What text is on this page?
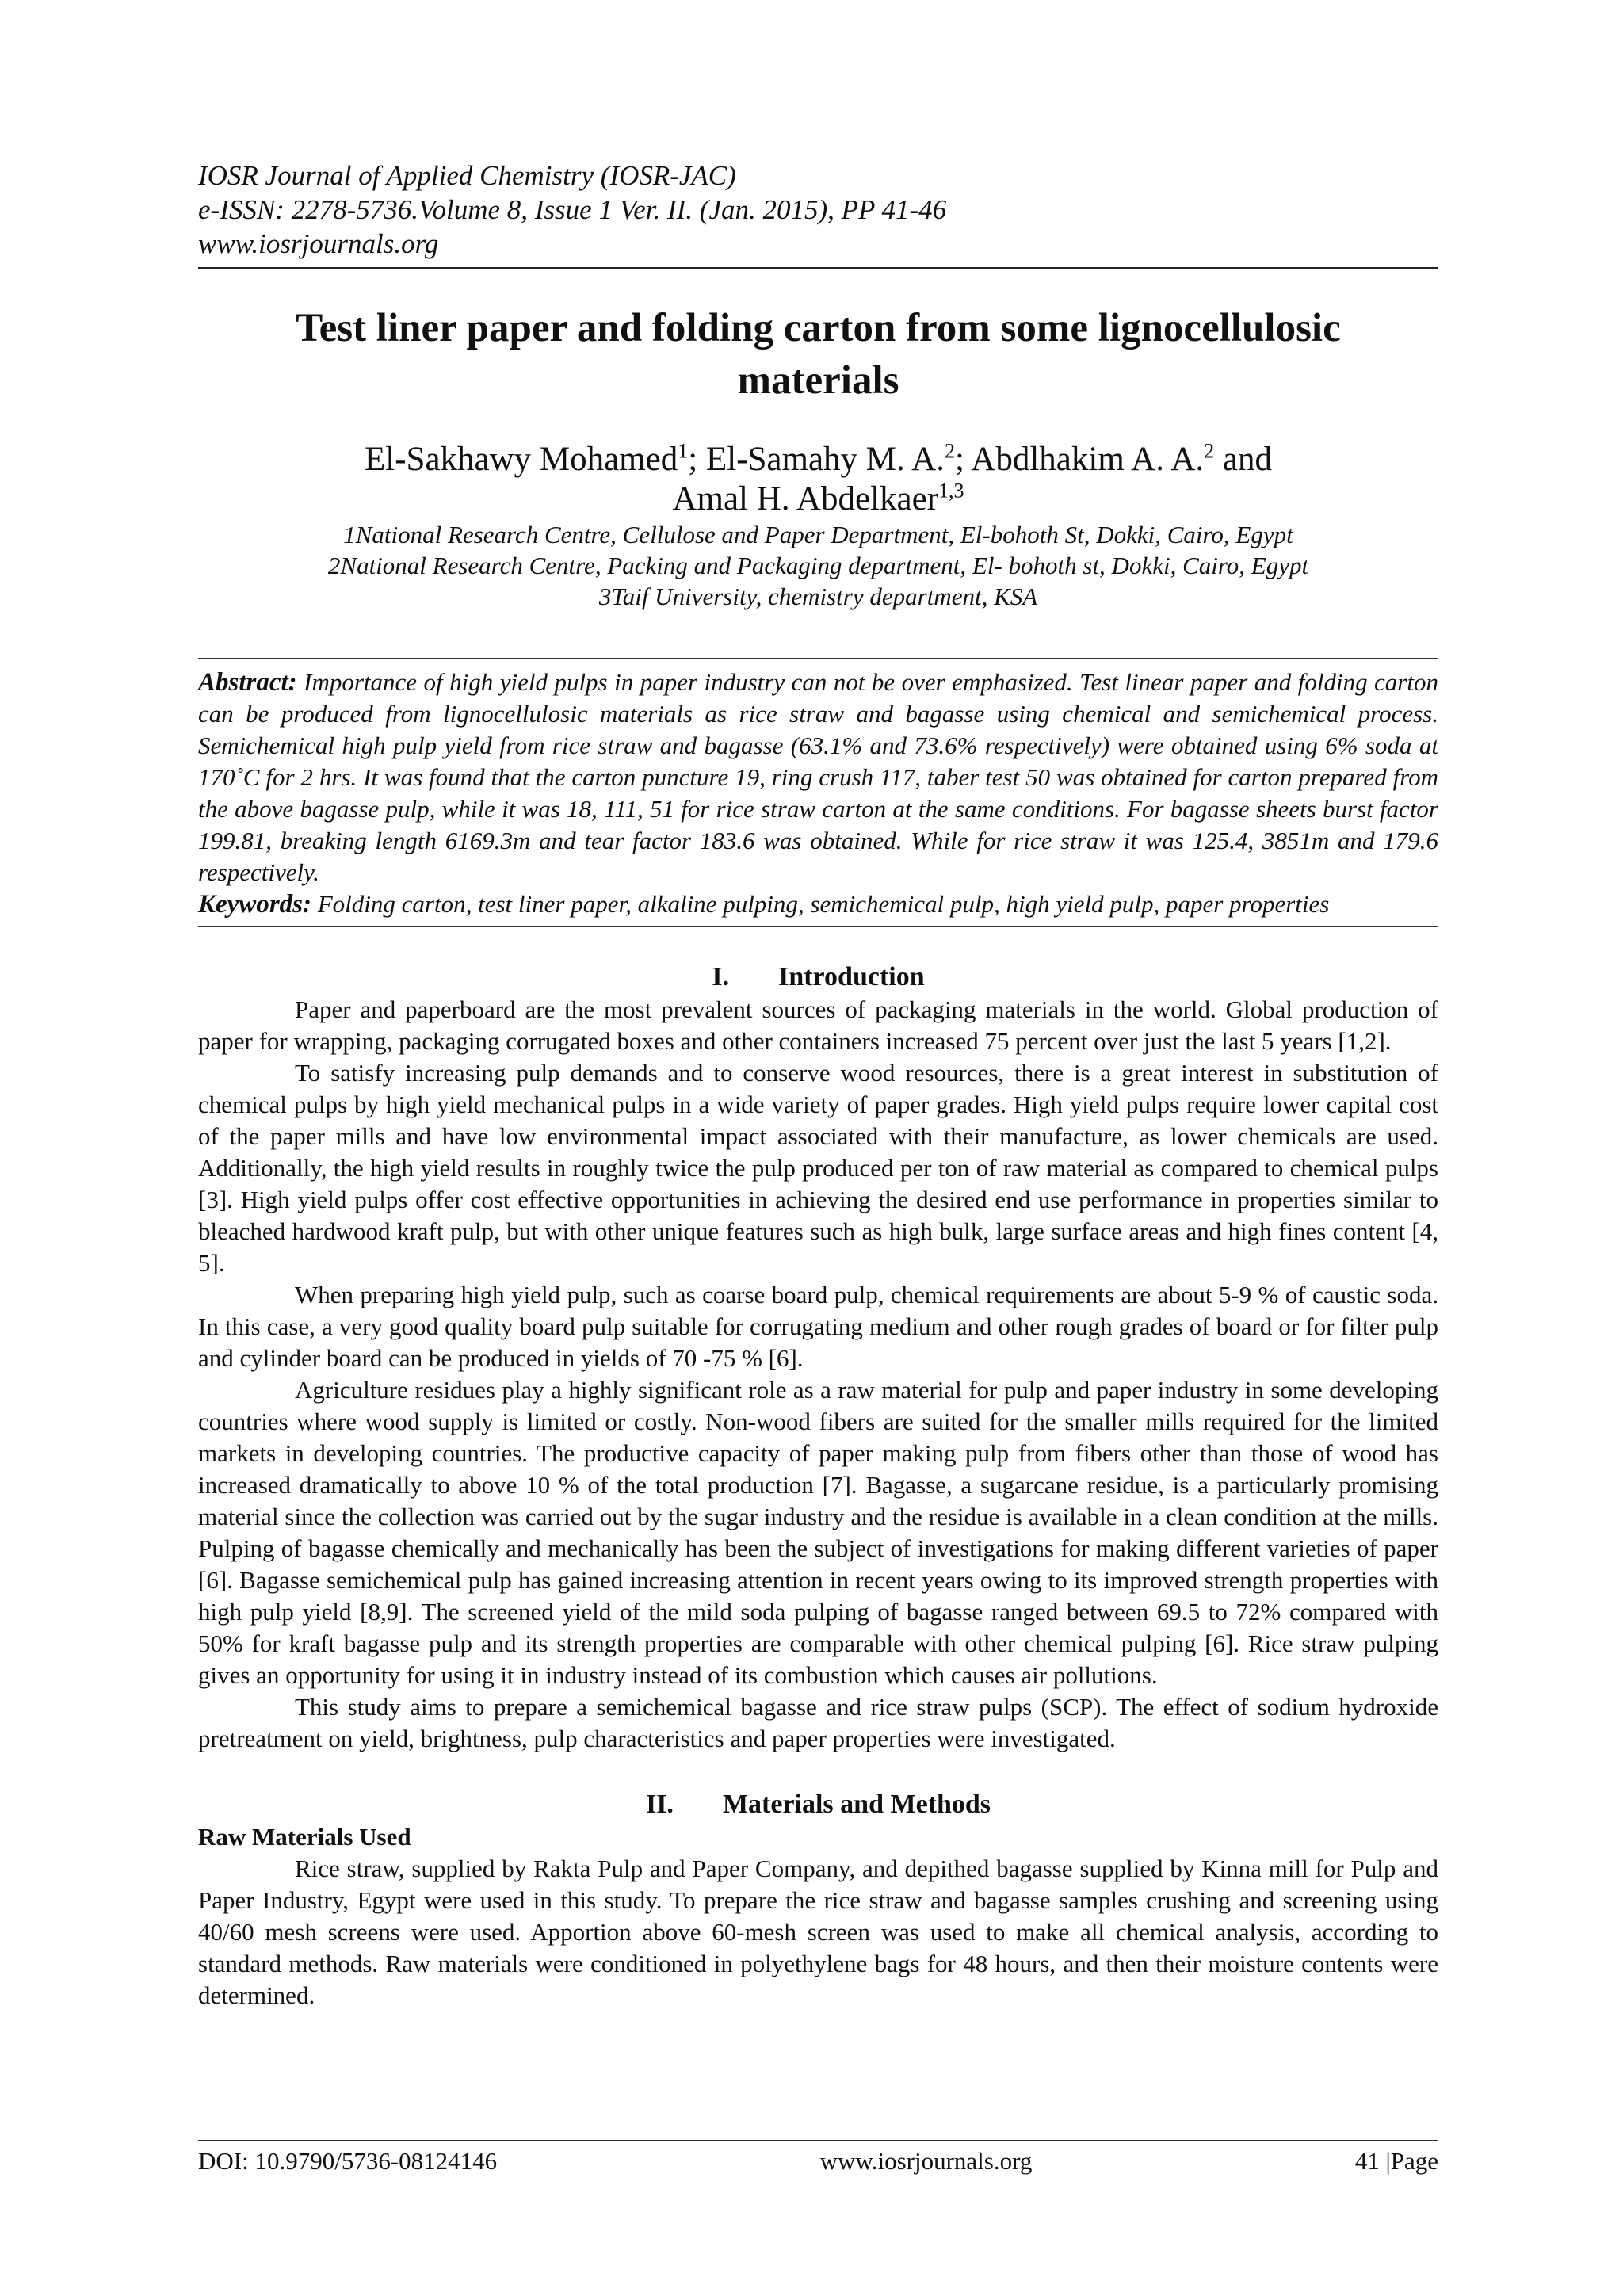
IOSR Journal of Applied Chemistry (IOSR-JAC)
e-ISSN: 2278-5736.Volume 8, Issue 1 Ver. II. (Jan. 2015), PP 41-46
www.iosrjournals.org
Test liner paper and folding carton from some lignocellulosic
materials
El-Sakhawy Mohamed$^1$; El-Samahy M. A.$^2$; Abdlhakim A. A.$^2$ and
Amal H. Abdelkaer$^{1,3}$
1National Research Centre, Cellulose and Paper Department, El-bohoth St, Dokki, Cairo, Egypt
2National Research Centre, Packing and Packaging department, El- bohoth st, Dokki, Cairo, Egypt
3Taif University, chemistry department, KSA
Abstract: Importance of high yield pulps in paper industry can not be over emphasized. Test linear paper and folding carton can be produced from lignocellulosic materials as rice straw and bagasse using chemical and semichemical process. Semichemical high pulp yield from rice straw and bagasse (63.1% and 73.6% respectively) were obtained using 6% soda at 170˚C for 2 hrs. It was found that the carton puncture 19, ring crush 117, taber test 50 was obtained for carton prepared from the above bagasse pulp, while it was 18, 111, 51 for rice straw carton at the same conditions. For bagasse sheets burst factor 199.81, breaking length 6169.3m and tear factor 183.6 was obtained. While for rice straw it was 125.4, 3851m and 179.6 respectively.
Keywords: Folding carton, test liner paper, alkaline pulping, semichemical pulp, high yield pulp, paper properties
I. Introduction

Paper and paperboard are the most prevalent sources of packaging materials in the world. Global production of paper for wrapping, packaging corrugated boxes and other containers increased 75 percent over just the last 5 years [1,2].

To satisfy increasing pulp demands and to conserve wood resources, there is a great interest in substitution of chemical pulps by high yield mechanical pulps in a wide variety of paper grades. High yield pulps require lower capital cost of the paper mills and have low environmental impact associated with their manufacture, as lower chemicals are used. Additionally, the high yield results in roughly twice the pulp produced per ton of raw material as compared to chemical pulps [3]. High yield pulps offer cost effective opportunities in achieving the desired end use performance in properties similar to bleached hardwood kraft pulp, but with other unique features such as high bulk, large surface areas and high fines content [4, 5].

When preparing high yield pulp, such as coarse board pulp, chemical requirements are about 5-9 % of caustic soda. In this case, a very good quality board pulp suitable for corrugating medium and other rough grades of board or for filter pulp and cylinder board can be produced in yields of 70 -75 % [6].

Agriculture residues play a highly significant role as a raw material for pulp and paper industry in some developing countries where wood supply is limited or costly. Non-wood fibers are suited for the smaller mills required for the limited markets in developing countries. The productive capacity of paper making pulp from fibers other than those of wood has increased dramatically to above 10 % of the total production [7]. Bagasse, a sugarcane residue, is a particularly promising material since the collection was carried out by the sugar industry and the residue is available in a clean condition at the mills. Pulping of bagasse chemically and mechanically has been the subject of investigations for making different varieties of paper [6]. Bagasse semichemical pulp has gained increasing attention in recent years owing to its improved strength properties with high pulp yield [8,9]. The screened yield of the mild soda pulping of bagasse ranged between 69.5 to 72% compared with 50% for kraft bagasse pulp and its strength properties are comparable with other chemical pulping [6]. Rice straw pulping gives an opportunity for using it in industry instead of its combustion which causes air pollutions.

This study aims to prepare a semichemical bagasse and rice straw pulps (SCP). The effect of sodium hydroxide pretreatment on yield, brightness, pulp characteristics and paper properties were investigated.

II. Materials and Methods
Raw Materials Used

Rice straw, supplied by Rakta Pulp and Paper Company, and depithed bagasse supplied by Kinna mill for Pulp and Paper Industry, Egypt were used in this study. To prepare the rice straw and bagasse samples crushing and screening using 40/60 mesh screens were used. Apportion above 60-mesh screen was used to make all chemical analysis, according to standard methods. Raw materials were conditioned in polyethylene bags for 48 hours, and then their moisture contents were determined.

DOI: 10.9790/5736-08124146	www.iosrjournals.org	41 |Page
